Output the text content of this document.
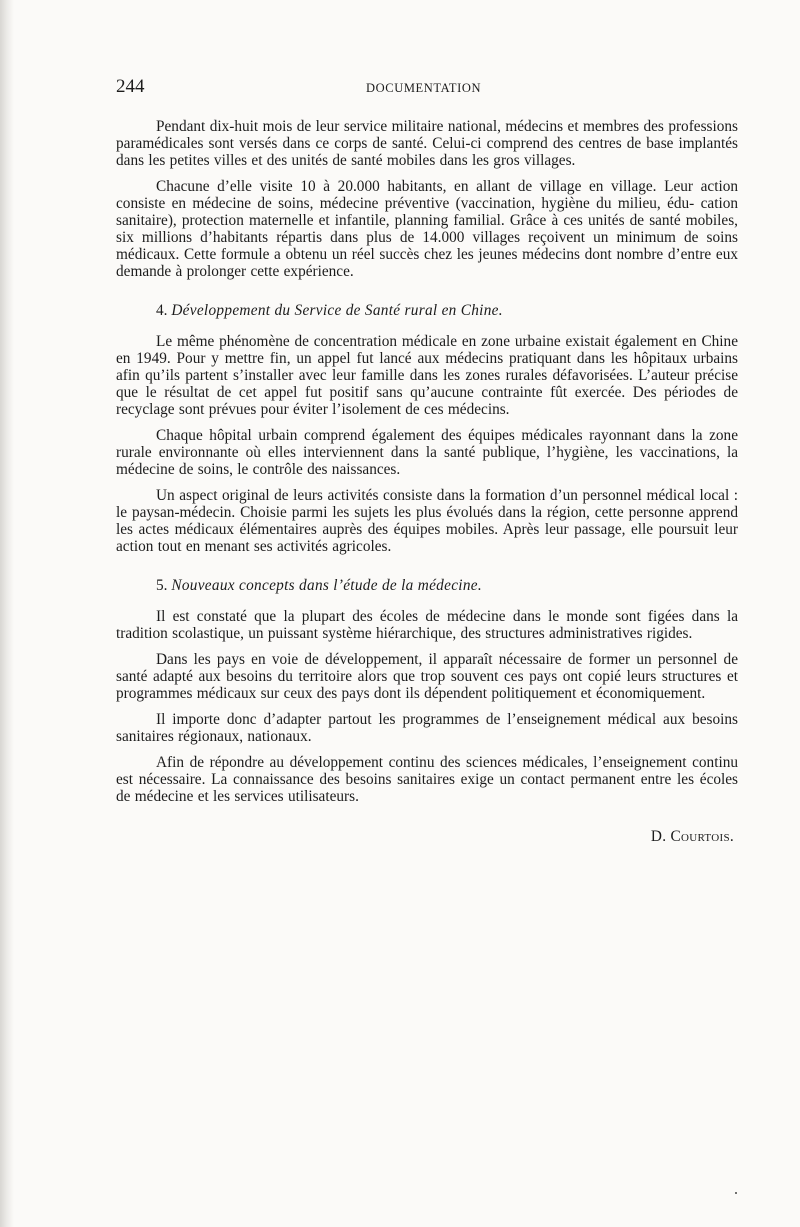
244	DOCUMENTATION

Pendant dix-huit mois de leur service militaire national, médecins et membres des professions paramédicales sont versés dans ce corps de santé. Celui-ci comprend des centres de base implantés dans les petites villes et des unités de santé mobiles dans les gros villages.

Chacune d’elle visite 10 à 20.000 habitants, en allant de village en village. Leur action consiste en médecine de soins, médecine préventive (vaccination, hygiène du milieu, édu- cation sanitaire), protection maternelle et infantile, planning familial. Grâce à ces unités de santé mobiles, six millions d’habitants répartis dans plus de 14.000 villages reçoivent un minimum de soins médicaux. Cette formule a obtenu un réel succès chez les jeunes médecins dont nombre d’entre eux demande à prolonger cette expérience.

4. Développement du Service de Santé rural en Chine.

Le même phénomène de concentration médicale en zone urbaine existait également en Chine en 1949. Pour y mettre fin, un appel fut lancé aux médecins pratiquant dans les hôpitaux urbains afin qu’ils partent s’installer avec leur famille dans les zones rurales défavorisées. L’auteur précise que le résultat de cet appel fut positif sans qu’aucune contrainte fût exercée. Des périodes de recyclage sont prévues pour éviter l’isolement de ces médecins.

Chaque hôpital urbain comprend également des équipes médicales rayonnant dans la zone rurale environnante où elles interviennent dans la santé publique, l’hygiène, les vaccinations, la médecine de soins, le contrôle des naissances.

Un aspect original de leurs activités consiste dans la formation d’un personnel médical local : le paysan-médecin. Choisie parmi les sujets les plus évolués dans la région, cette personne apprend les actes médicaux élémentaires auprès des équipes mobiles. Après leur passage, elle poursuit leur action tout en menant ses activités agricoles.

5. Nouveaux concepts dans l’étude de la médecine.

Il est constaté que la plupart des écoles de médecine dans le monde sont figées dans la tradition scolastique, un puissant système hiérarchique, des structures administratives rigides.

Dans les pays en voie de développement, il apparaît nécessaire de former un personnel de santé adapté aux besoins du territoire alors que trop souvent ces pays ont copié leurs structures et programmes médicaux sur ceux des pays dont ils dépendent politiquement et économiquement.

Il importe donc d’adapter partout les programmes de l’enseignement médical aux besoins sanitaires régionaux, nationaux.

Afin de répondre au développement continu des sciences médicales, l’enseignement continu est nécessaire. La connaissance des besoins sanitaires exige un contact permanent entre les écoles de médecine et les services utilisateurs.

D. Courtois.
